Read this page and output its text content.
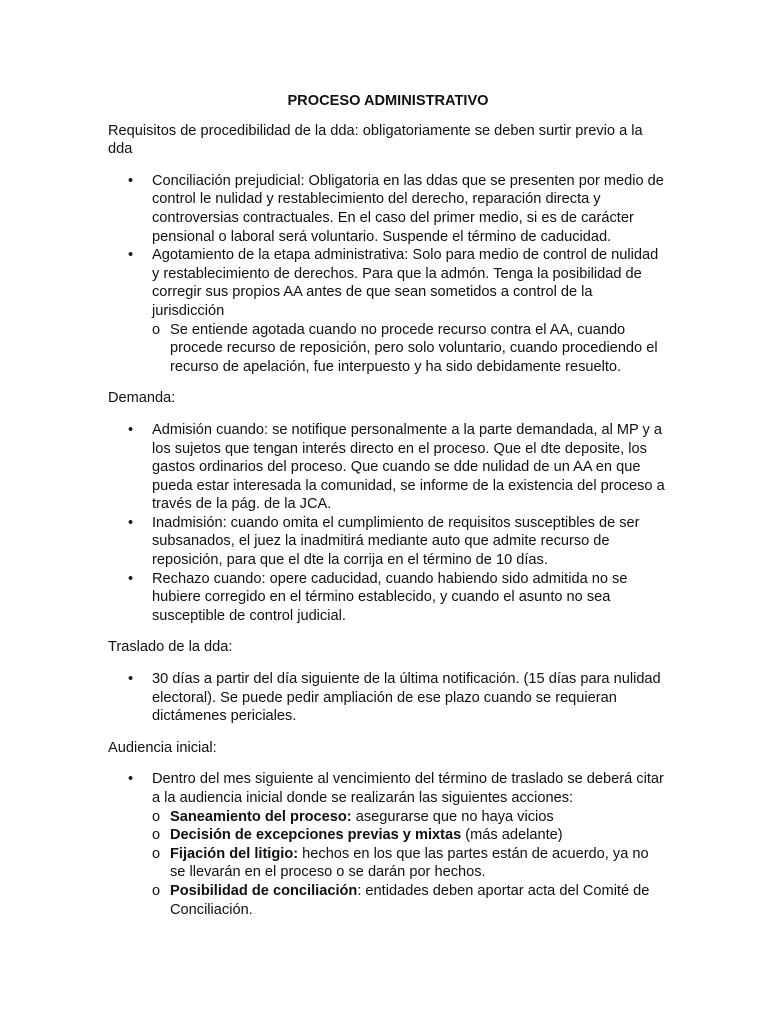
PROCESO ADMINISTRATIVO

Requisitos de procedibilidad de la dda: obligatoriamente se deben surtir previo a la dda

• Conciliación prejudicial: Obligatoria en las ddas que se presenten por medio de control le nulidad y restablecimiento del derecho, reparación directa y controversias contractuales. En el caso del primer medio, si es de carácter pensional o laboral será voluntario. Suspende el término de caducidad.
• Agotamiento de la etapa administrativa: Solo para medio de control de nulidad y restablecimiento de derechos. Para que la admón. Tenga la posibilidad de corregir sus propios AA antes de que sean sometidos a control de la jurisdicción
o Se entiende agotada cuando no procede recurso contra el AA, cuando procede recurso de reposición, pero solo voluntario, cuando procediendo el recurso de apelación, fue interpuesto y ha sido debidamente resuelto.

Demanda:

• Admisión cuando: se notifique personalmente a la parte demandada, al MP y a los sujetos que tengan interés directo en el proceso. Que el dte deposite, los gastos ordinarios del proceso. Que cuando se dde nulidad de un AA en que pueda estar interesada la comunidad, se informe de la existencia del proceso a través de la pág. de la JCA.
• Inadmisión: cuando omita el cumplimiento de requisitos susceptibles de ser subsanados, el juez la inadmitirá mediante auto que admite recurso de reposición, para que el dte la corrija en el término de 10 días.
• Rechazo cuando: opere caducidad, cuando habiendo sido admitida no se hubiere corregido en el término establecido, y cuando el asunto no sea susceptible de control judicial.

Traslado de la dda:

• 30 días a partir del día siguiente de la última notificación. (15 días para nulidad electoral). Se puede pedir ampliación de ese plazo cuando se requieran dictámenes periciales.

Audiencia inicial:

• Dentro del mes siguiente al vencimiento del término de traslado se deberá citar a la audiencia inicial donde se realizarán las siguientes acciones:
o Saneamiento del proceso: asegurarse que no haya vicios
o Decisión de excepciones previas y mixtas (más adelante)
o Fijación del litigio: hechos en los que las partes están de acuerdo, ya no se llevarán en el proceso o se darán por hechos.
o Posibilidad de conciliación: entidades deben aportar acta del Comité de Conciliación.
